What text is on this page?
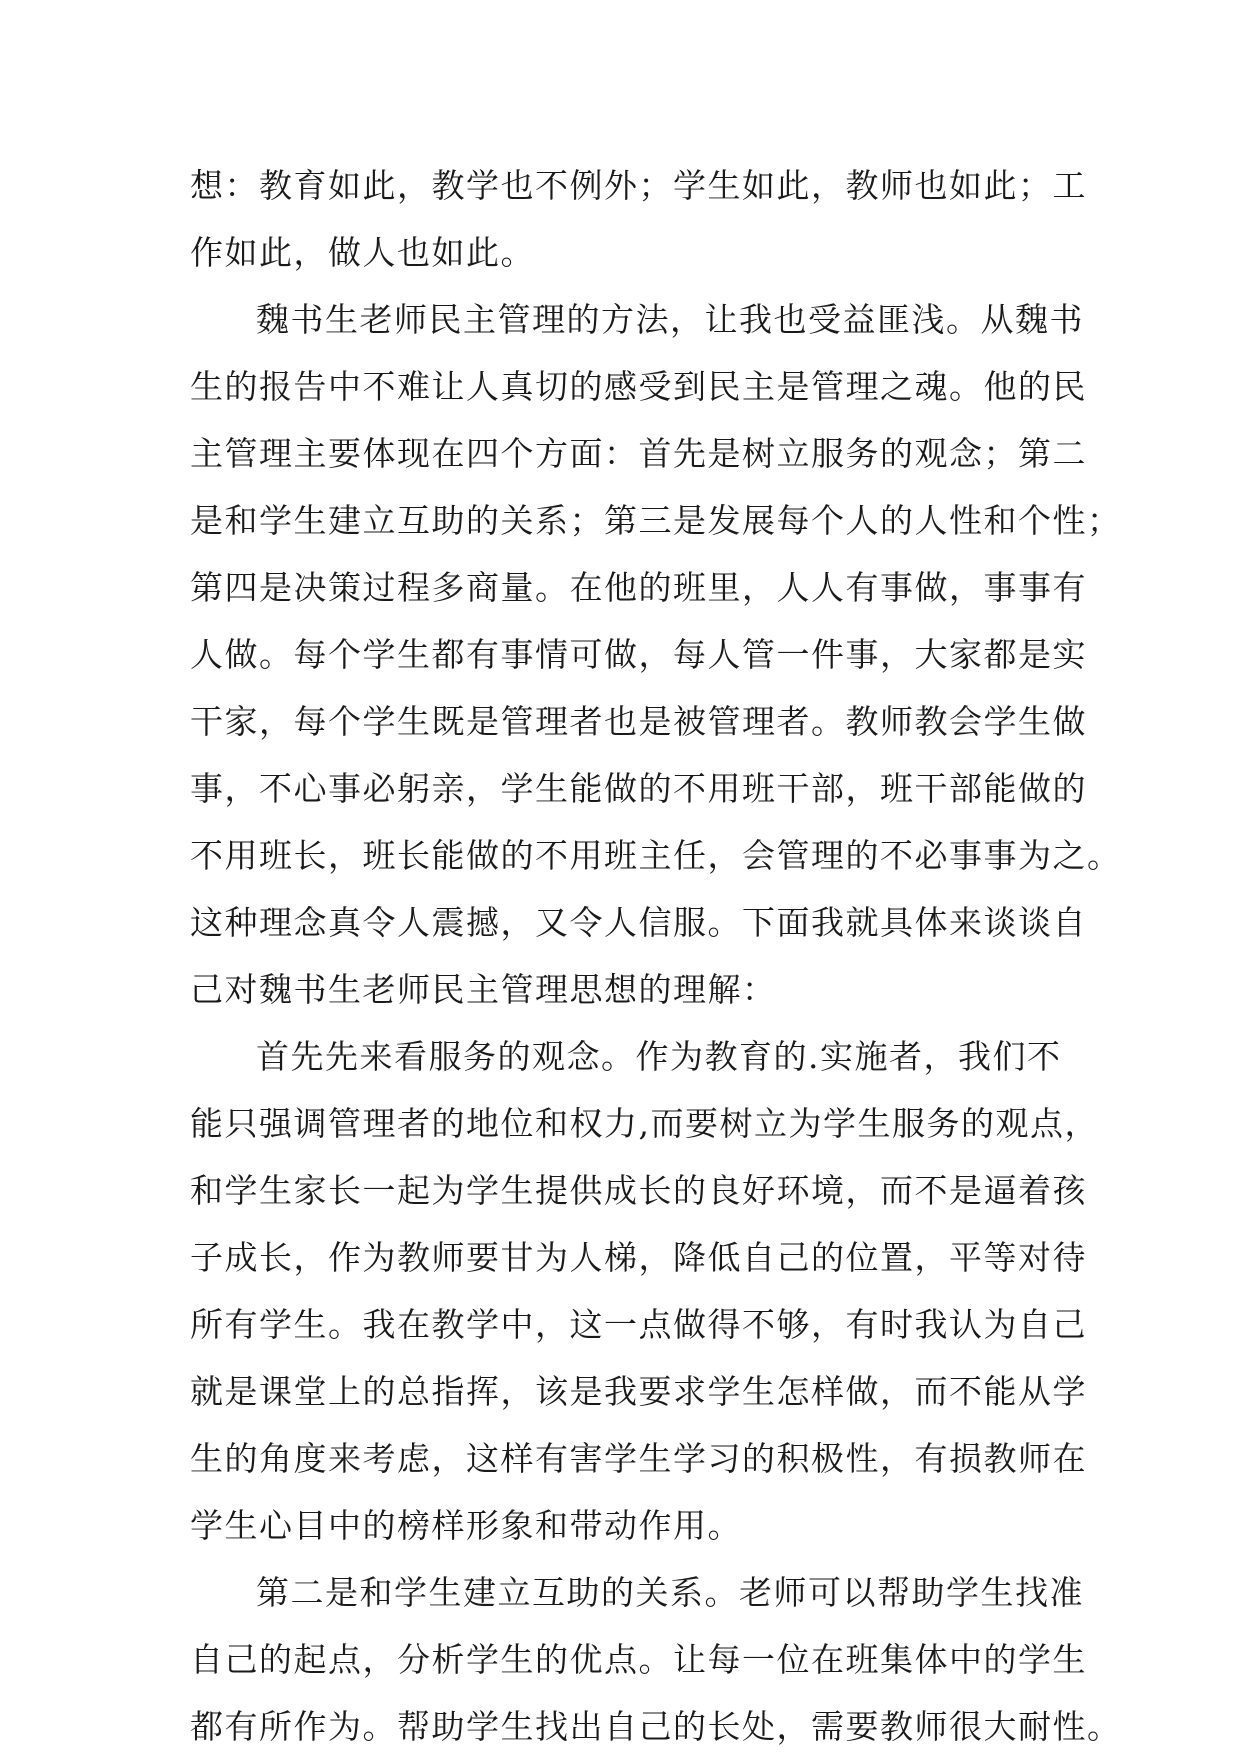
想：教育如此，教学也不例外；学生如此，教师也如此；工
作如此，做人也如此。
魏书生老师民主管理的方法，让我也受益匪浅。从魏书
生的报告中不难让人真切的感受到民主是管理之魂。他的民
主管理主要体现在四个方面：首先是树立服务的观念；第二
是和学生建立互助的关系；第三是发展每个人的人性和个性；
第四是决策过程多商量。在他的班里，人人有事做，事事有
人做。每个学生都有事情可做，每人管一件事，大家都是实
干家，每个学生既是管理者也是被管理者。教师教会学生做
事，不心事必躬亲，学生能做的不用班干部，班干部能做的
不用班长，班长能做的不用班主任，会管理的不必事事为之。
这种理念真令人震撼，又令人信服。下面我就具体来谈谈自
己对魏书生老师民主管理思想的理解：
首先先来看服务的观念。作为教育的.实施者，我们不
能只强调管理者的地位和权力,而要树立为学生服务的观点，
和学生家长一起为学生提供成长的良好环境，而不是逼着孩
子成长，作为教师要甘为人梯，降低自己的位置，平等对待
所有学生。我在教学中，这一点做得不够，有时我认为自己
就是课堂上的总指挥，该是我要求学生怎样做，而不能从学
生的角度来考虑，这样有害学生学习的积极性，有损教师在
学生心目中的榜样形象和带动作用。
第二是和学生建立互助的关系。老师可以帮助学生找准
自己的起点，分析学生的优点。让每一位在班集体中的学生
都有所作为。帮助学生找出自己的长处，需要教师很大耐性。
